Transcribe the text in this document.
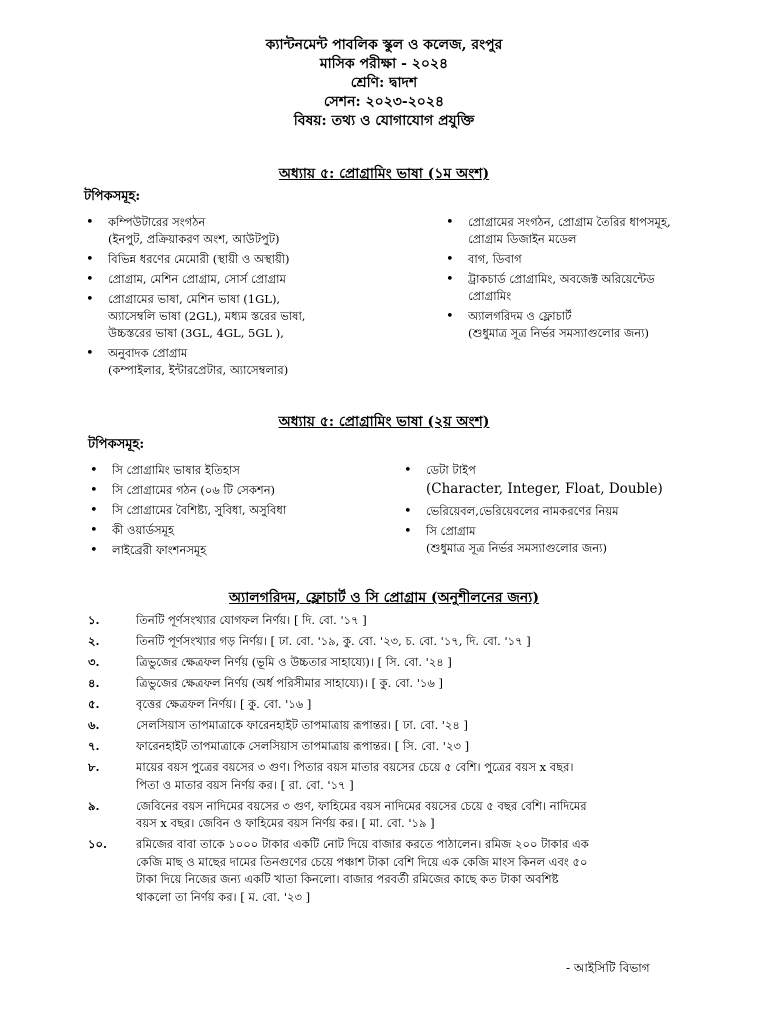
ক্যান্টনমেন্ট পাবলিক স্কুল ও কলেজ, রংপুর
মাসিক পরীক্ষা - ২০২৪
শ্রেণি: দ্বাদশ
সেশন: ২০২৩-২০২৪
বিষয়: তথ্য ও যোগাযোগ প্রযুক্তি
অধ্যায় ৫: প্রোগ্রামিং ভাষা (১ম অংশ)
টপিকসমূহ:
• কম্পিউটারের সংগঠন
(ইনপুট, প্রক্রিয়াকরণ অংশ, আউটপুট)
• বিভিন্ন ধরণের মেমোরী (স্থায়ী ও অস্থায়ী)
• প্রোগ্রাম, মেশিন প্রোগ্রাম, সোর্স প্রোগ্রাম
• প্রোগ্রামের ভাষা, মেশিন ভাষা (1GL),
অ্যাসেম্বলি ভাষা (2GL), মধ্যম স্তরের ভাষা,
উচ্চস্তরের ভাষা (3GL, 4GL, 5GL ),
• অনুবাদক প্রোগ্রাম
(কম্পাইলার, ইন্টারপ্রেটার, অ্যাসেম্বলার)
• প্রোগ্রামের সংগঠন, প্রোগ্রাম তৈরির ধাপসমূহ,
প্রোগ্রাম ডিজাইন মডেল
• বাগ, ডিবাগ
• ট্রাকচার্ড প্রোগ্রামিং, অবজেক্ট অরিয়েন্টেড
প্রোগ্রামিং
• অ্যালগরিদম ও ফ্লোচার্ট
(শুধুমাত্র সূত্র নির্ভর সমস্যাগুলোর জন্য)
অধ্যায় ৫: প্রোগ্রামিং ভাষা (২য় অংশ)
টপিকসমূহ:
• সি প্রোগ্রামিং ভাষার ইতিহাস
• সি প্রোগ্রামের গঠন (০৬ টি সেকশন)
• সি প্রোগ্রামের বৈশিষ্ট্য, সুবিধা, অসুবিধা
• কী ওয়ার্ডসমূহ
• লাইব্রেরী ফাংশনসমূহ
• ডেটা টাইপ
(Character, Integer, Float, Double)
• ভেরিয়েবল,ভেরিয়েবলের নামকরণের নিয়ম
• সি প্রোগ্রাম
(শুধুমাত্র সূত্র নির্ভর সমস্যাগুলোর জন্য)
অ্যালগরিদম, ফ্লোচার্ট ও সি প্রোগ্রাম (অনুশীলনের জন্য)
১.	তিনটি পূর্ণসংখ্যার যোগফল নির্ণয়। [ দি. বো. '১৭ ]
২.	তিনটি পূর্ণসংখ্যার গড় নির্ণয়। [ ঢা. বো. '১৯, কু. বো. '২৩, চ. বো. '১৭, দি. বো. '১৭ ]
৩.	ত্রিভুজের ক্ষেত্রফল নির্ণয় (ভূমি ও উচ্চতার সাহায্যে)। [ সি. বো. '২৪ ]
৪.	ত্রিভুজের ক্ষেত্রফল নির্ণয় (অর্ধ পরিসীমার সাহায্যে)। [ কু. বো. '১৬ ]
৫.	বৃত্তের ক্ষেত্রফল নির্ণয়। [ কু. বো. '১৬ ]
৬.	সেলসিয়াস তাপমাত্রাকে ফারেনহাইট তাপমাত্রায় রূপান্তর। [ ঢা. বো. '২৪ ]
৭.	ফারেনহাইট তাপমাত্রাকে সেলসিয়াস তাপমাত্রায় রূপান্তর। [ সি. বো. '২৩ ]
৮.	মায়ের বয়স পুত্রের বয়সের ৩ গুণ। পিতার বয়স মাতার বয়সের চেয়ে ৫ বেশি। পুত্রের বয়স x বছর।
পিতা ও মাতার বয়স নির্ণয় কর। [ রা. বো. '১৭ ]
৯.	জেবিনের বয়স নাদিমের বয়সের ৩ গুণ, ফাহিমের বয়স নাদিমের বয়সের চেয়ে ৫ বছর বেশি। নাদিমের
বয়স x বছর। জেবিন ও ফাহিমের বয়স নির্ণয় কর। [ মা. বো. '১৯ ]
১০.	রমিজের বাবা তাকে ১০০০ টাকার একটি নোট দিয়ে বাজার করতে পাঠালেন। রমিজ ২০০ টাকার এক
কেজি মাছ ও মাছের দামের তিনগুণের চেয়ে পঞ্চাশ টাকা বেশি দিয়ে এক কেজি মাংস কিনল এবং ৫০
টাকা দিয়ে নিজের জন্য একটি খাতা কিনলো। বাজার পরবর্তী রমিজের কাছে কত টাকা অবশিষ্ট
থাকলো তা নির্ণয় কর। [ ম. বো. '২৩ ]
- আইসিটি বিভাগ
